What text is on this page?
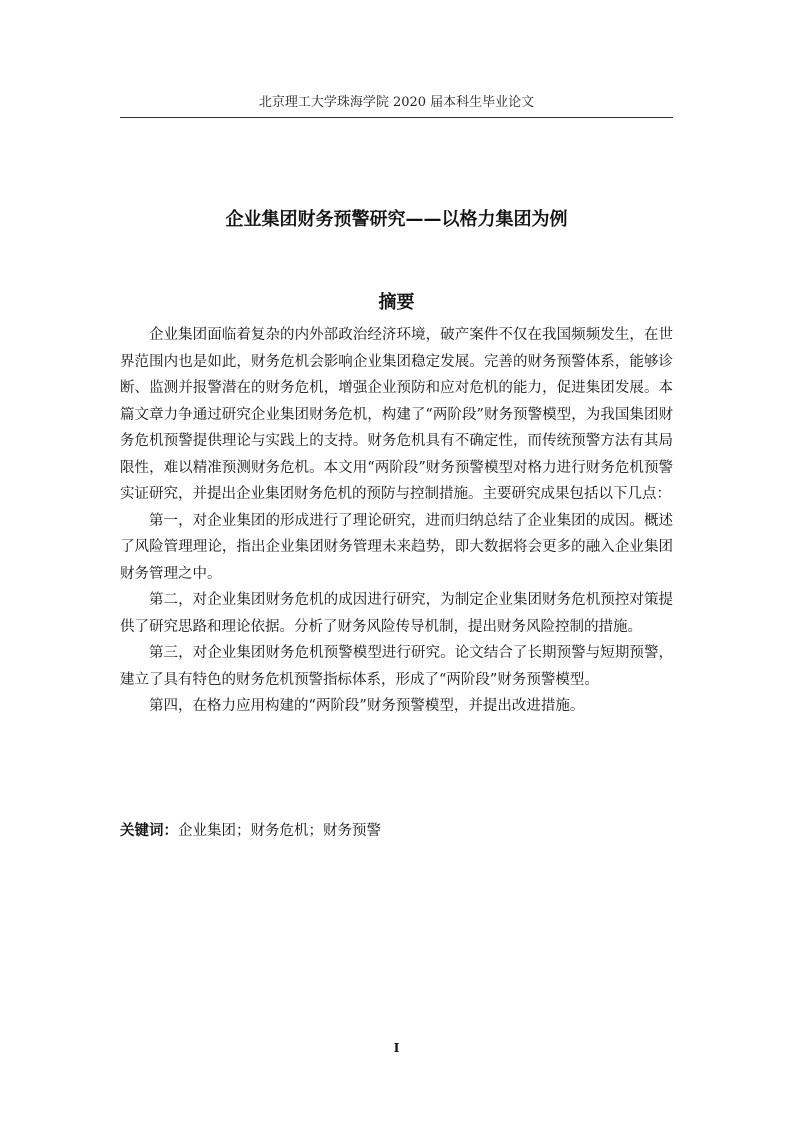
北京理工大学珠海学院 2020 届本科生毕业论文
企业集团财务预警研究——以格力集团为例
摘要

企业集团面临着复杂的内外部政治经济环境，破产案件不仅在我国频频发生，在世界范围内也是如此，财务危机会影响企业集团稳定发展。完善的财务预警体系，能够诊断、监测并报警潜在的财务危机，增强企业预防和应对危机的能力，促进集团发展。本篇文章力争通过研究企业集团财务危机，构建了“两阶段”财务预警模型，为我国集团财务危机预警提供理论与实践上的支持。财务危机具有不确定性，而传统预警方法有其局限性，难以精准预测财务危机。本文用“两阶段”财务预警模型对格力进行财务危机预警实证研究，并提出企业集团财务危机的预防与控制措施。主要研究成果包括以下几点：

第一，对企业集团的形成进行了理论研究，进而归纳总结了企业集团的成因。概述了风险管理理论，指出企业集团财务管理未来趋势，即大数据将会更多的融入企业集团财务管理之中。

第二，对企业集团财务危机的成因进行研究，为制定企业集团财务危机预控对策提供了研究思路和理论依据。分析了财务风险传导机制，提出财务风险控制的措施。

第三，对企业集团财务危机预警模型进行研究。论文结合了长期预警与短期预警，建立了具有特色的财务危机预警指标体系，形成了“两阶段”财务预警模型。

第四，在格力应用构建的“两阶段”财务预警模型，并提出改进措施。

关键词：企业集团；财务危机；财务预警
I
